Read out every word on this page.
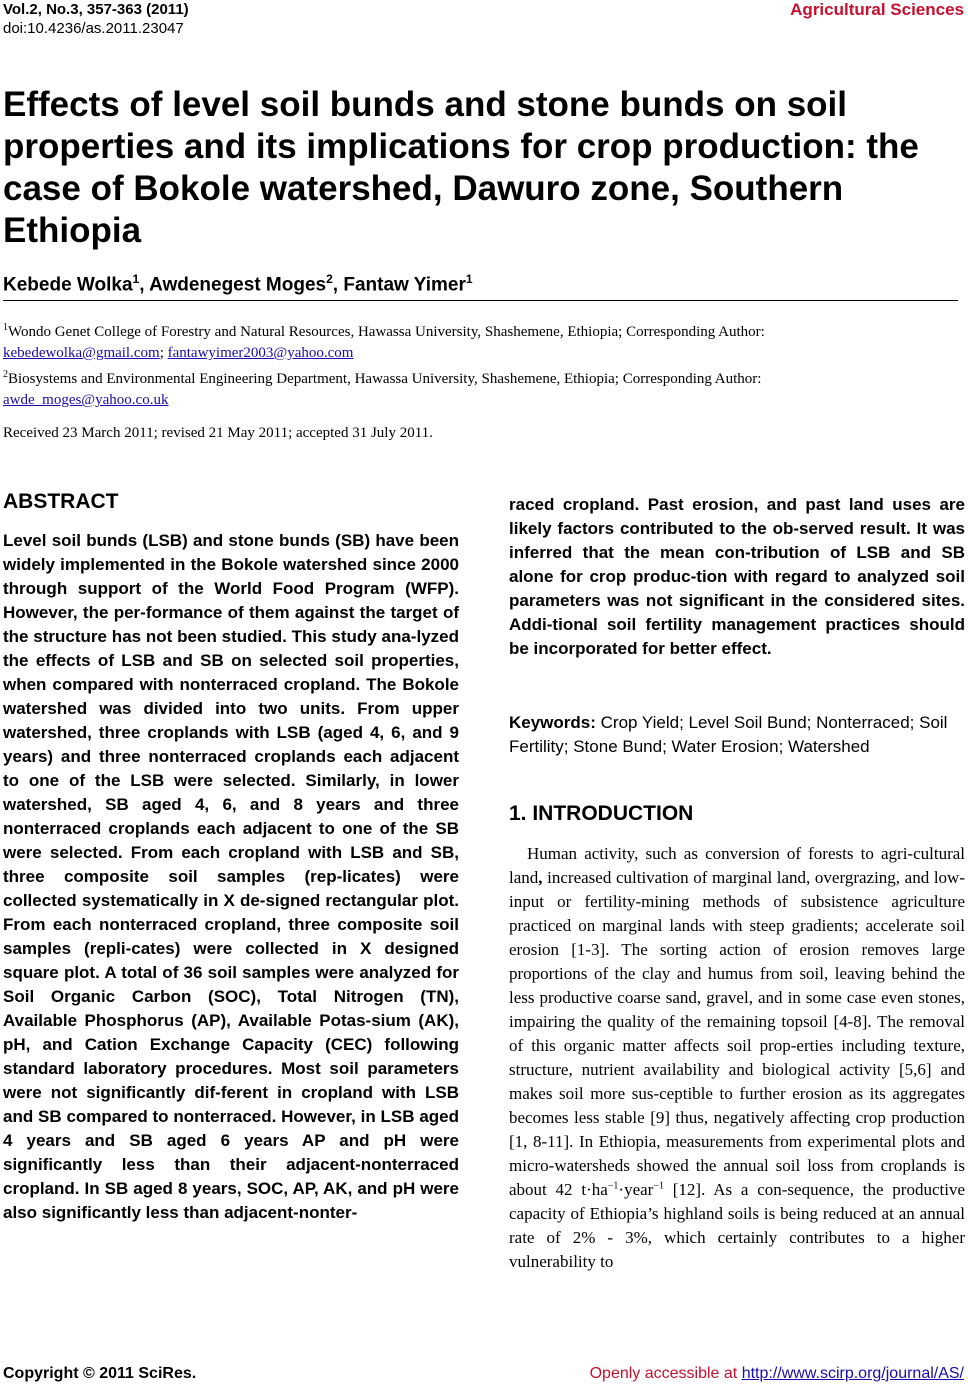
Vol.2, No.3, 357-363 (2011)
doi:10.4236/as.2011.23047
Agricultural Sciences
Effects of level soil bunds and stone bunds on soil properties and its implications for crop production: the case of Bokole watershed, Dawuro zone, Southern Ethiopia
Kebede Wolka$^1$, Awdenegest Moges$^2$, Fantaw Yimer$^1$
$^1$Wondo Genet College of Forestry and Natural Resources, Hawassa University, Shashemene, Ethiopia; Corresponding Author:
kebedewolka@gmail.com; fantawyimer2003@yahoo.com
$^2$Biosystems and Environmental Engineering Department, Hawassa University, Shashemene, Ethiopia; Corresponding Author:
awde_moges@yahoo.co.uk
Received 23 March 2011; revised 21 May 2011; accepted 31 July 2011.
ABSTRACT
Level soil bunds (LSB) and stone bunds (SB) have been widely implemented in the Bokole watershed since 2000 through support of the World Food Program (WFP). However, the per-formance of them against the target of the structure has not been studied. This study ana-lyzed the effects of LSB and SB on selected soil properties, when compared with nonterraced cropland. The Bokole watershed was divided into two units. From upper watershed, three croplands with LSB (aged 4, 6, and 9 years) and three nonterraced croplands each adjacent to one of the LSB were selected. Similarly, in lower watershed, SB aged 4, 6, and 8 years and three nonterraced croplands each adjacent to one of the SB were selected. From each cropland with LSB and SB, three composite soil samples (rep-licates) were collected systematically in X de-signed rectangular plot. From each nonterraced cropland, three composite soil samples (repli-cates) were collected in X designed square plot. A total of 36 soil samples were analyzed for Soil Organic Carbon (SOC), Total Nitrogen (TN), Available Phosphorus (AP), Available Potas-sium (AK), pH, and Cation Exchange Capacity (CEC) following standard laboratory procedures. Most soil parameters were not significantly dif-ferent in cropland with LSB and SB compared to nonterraced. However, in LSB aged 4 years and SB aged 6 years AP and pH were significantly less than their adjacent-nonterraced cropland. In SB aged 8 years, SOC, AP, AK, and pH were also significantly less than adjacent-nonter-
raced cropland. Past erosion, and past land uses are likely factors contributed to the ob-served result. It was inferred that the mean con-tribution of LSB and SB alone for crop produc-tion with regard to analyzed soil parameters was not significant in the considered sites. Addi-tional soil fertility management practices should be incorporated for better effect.
Keywords: Crop Yield; Level Soil Bund; Nonterraced; Soil Fertility; Stone Bund; Water Erosion; Watershed
1. INTRODUCTION
Human activity, such as conversion of forests to agri-cultural land, increased cultivation of marginal land, overgrazing, and low-input or fertility-mining methods of subsistence agriculture practiced on marginal lands with steep gradients; accelerate soil erosion [1-3]. The sorting action of erosion removes large proportions of the clay and humus from soil, leaving behind the less productive coarse sand, gravel, and in some case even stones, impairing the quality of the remaining topsoil [4-8]. The removal of this organic matter affects soil prop-erties including texture, structure, nutrient availability and biological activity [5,6] and makes soil more sus-ceptible to further erosion as its aggregates becomes less stable [9] thus, negatively affecting crop production [1, 8-11]. In Ethiopia, measurements from experimental plots and micro-watersheds showed the annual soil loss from croplands is about 42 $t\cdot ha^{-1}\cdot year^{-1}$ [12]. As a con-sequence, the productive capacity of Ethiopia’s highland soils is being reduced at an annual rate of 2% - 3%, which certainly contributes to a higher vulnerability to
Copyright © 2011 SciRes.	Openly accessible at http://www.scirp.org/journal/AS/
